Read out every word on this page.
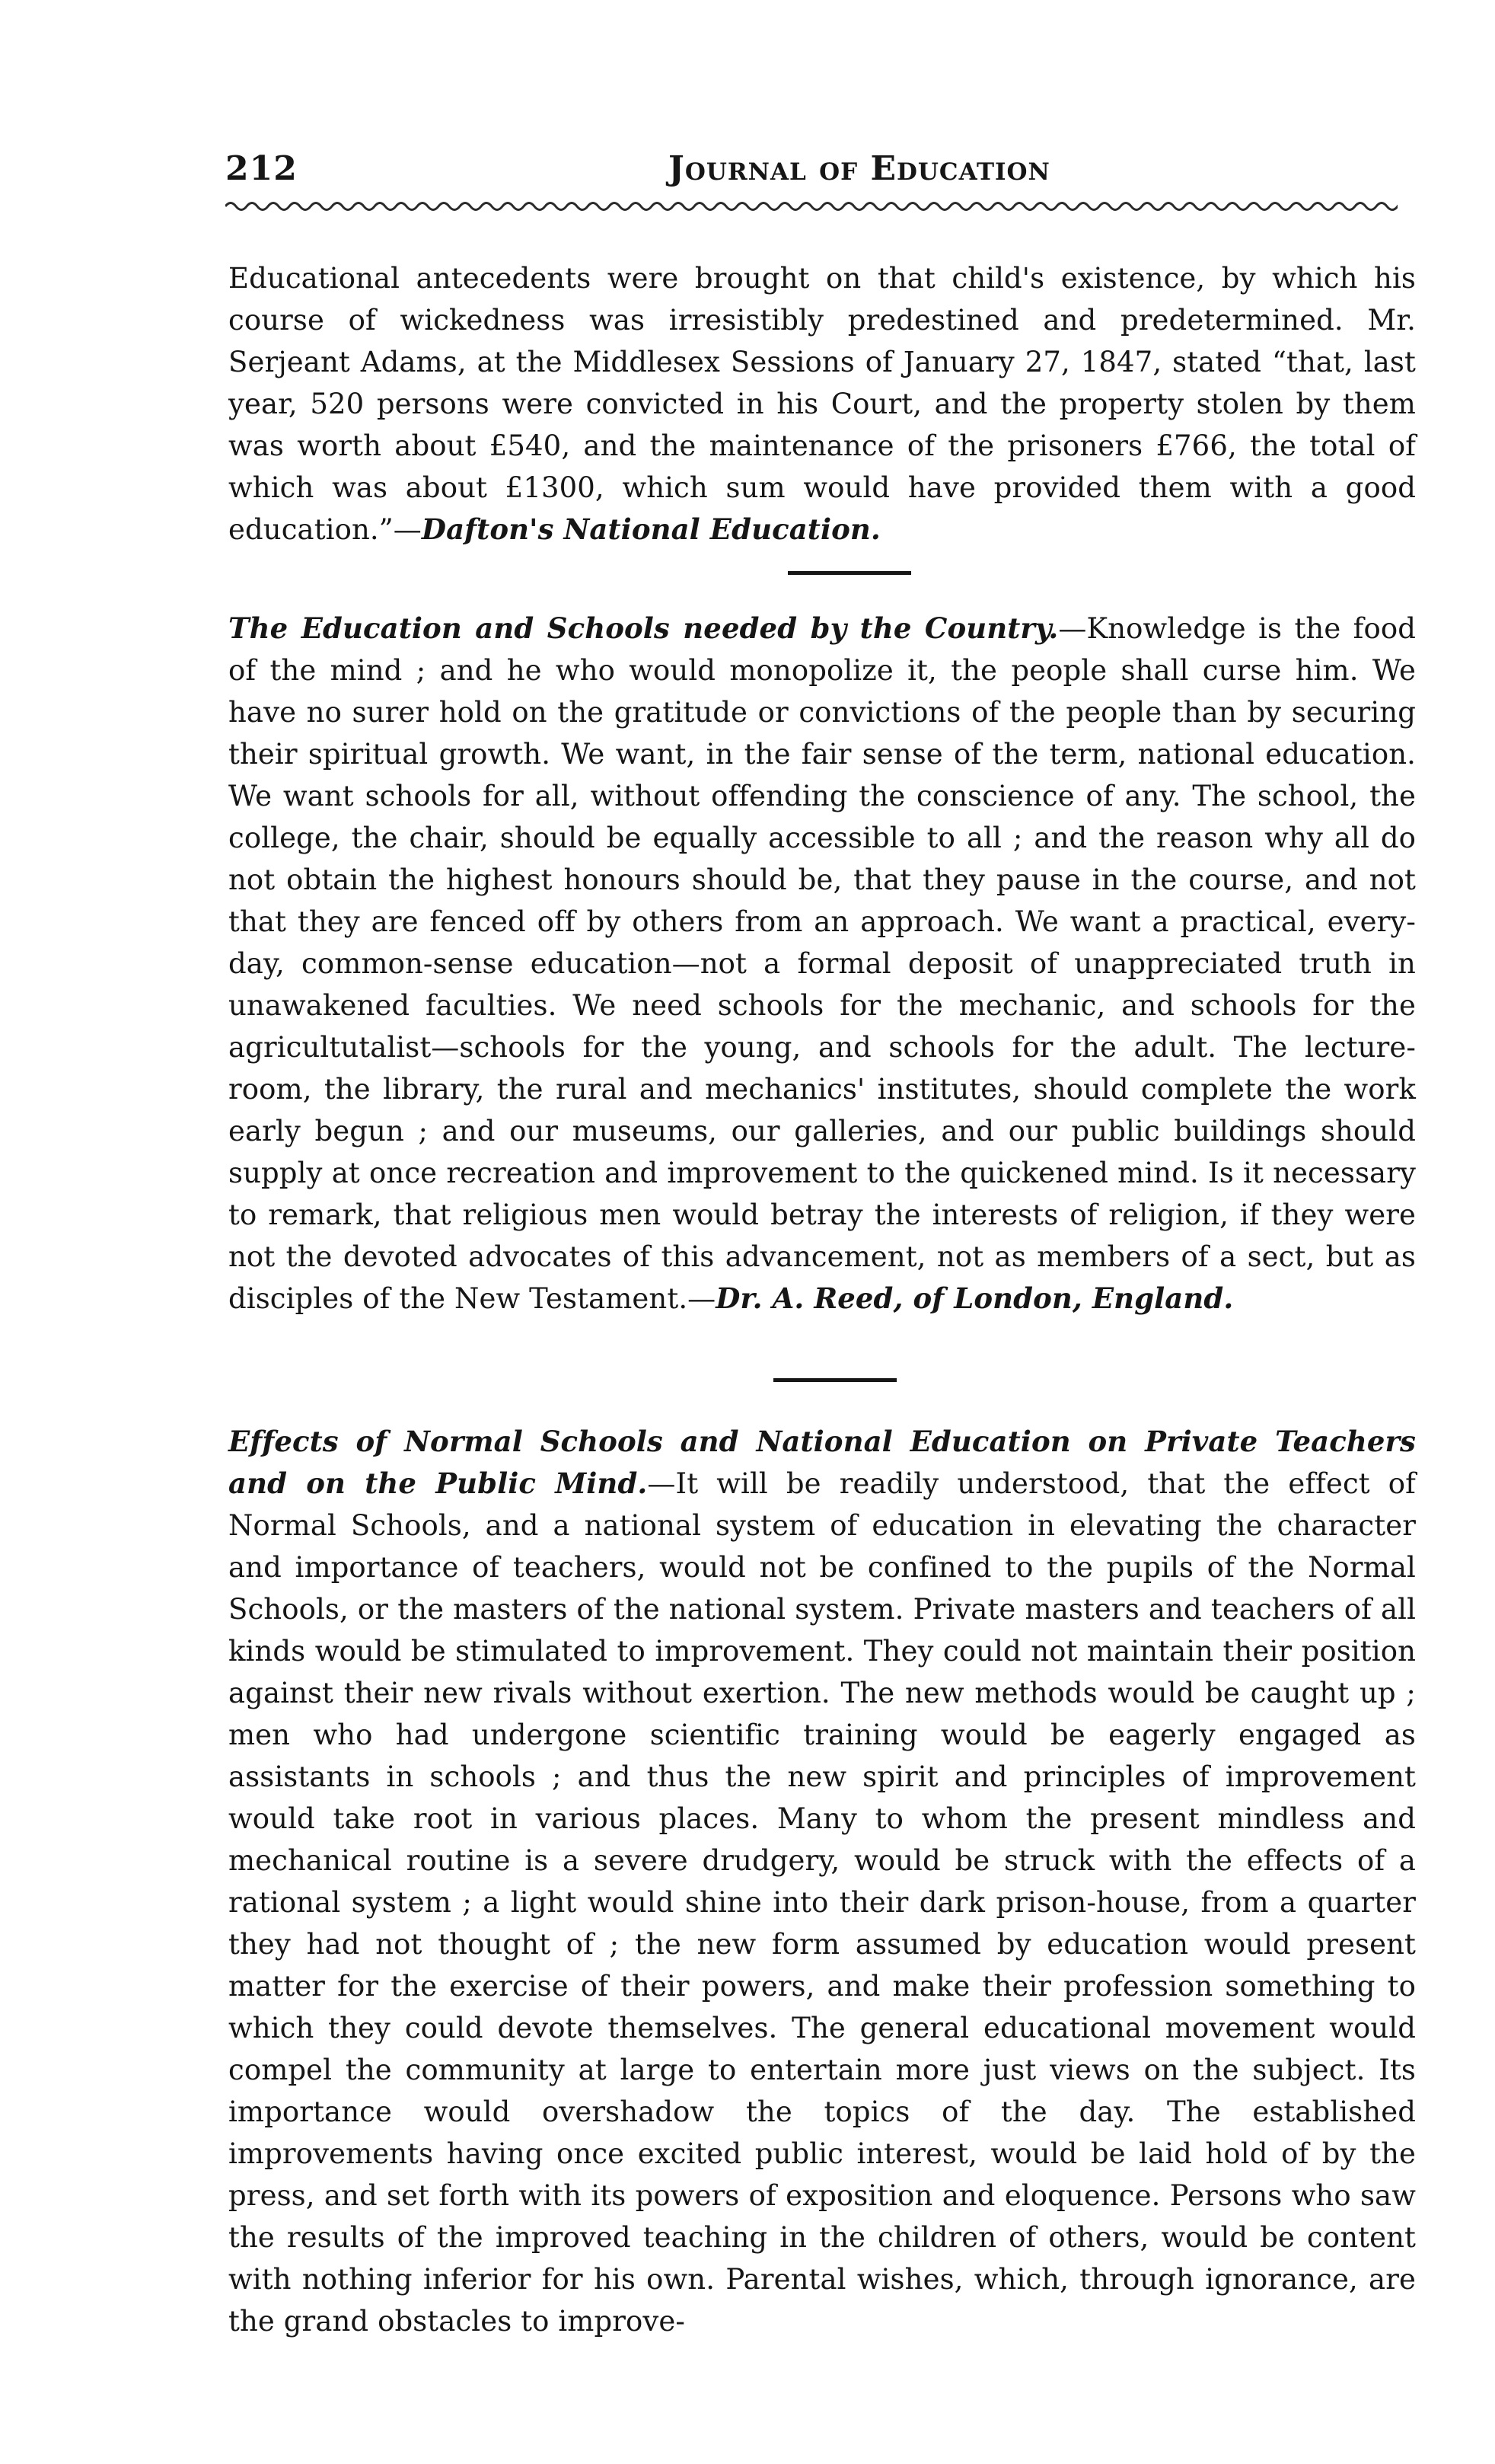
212	Journal of Education

Educational antecedents were brought on that child's existence, by which his course of wickedness was irresistibly predestined and predetermined. Mr. Serjeant Adams, at the Middlesex Sessions of January 27, 1847, stated “that, last year, 520 persons were convicted in his Court, and the property stolen by them was worth about £540, and the maintenance of the prisoners £766, the total of which was about £1300, which sum would have provided them with a good education.”—Dafton's National Education.

The Education and Schools needed by the Country.—Knowledge is the food of the mind ; and he who would monopolize it, the people shall curse him. We have no surer hold on the gratitude or convictions of the people than by securing their spiritual growth. We want, in the fair sense of the term, national education. We want schools for all, without offending the conscience of any. The school, the college, the chair, should be equally accessible to all ; and the reason why all do not obtain the highest honours should be, that they pause in the course, and not that they are fenced off by others from an approach. We want a practical, every-day, common-sense education—not a formal deposit of unappreciated truth in unawakened faculties. We need schools for the mechanic, and schools for the agricultutalist—schools for the young, and schools for the adult. The lecture-room, the library, the rural and mechanics' institutes, should complete the work early begun ; and our museums, our galleries, and our public buildings should supply at once recreation and improvement to the quickened mind. Is it necessary to remark, that religious men would betray the interests of religion, if they were not the devoted advocates of this advancement, not as members of a sect, but as disciples of the New Testament.—Dr. A. Reed, of London, England.

Effects of Normal Schools and National Education on Private Teachers and on the Public Mind.—It will be readily understood, that the effect of Normal Schools, and a national system of education in elevating the character and importance of teachers, would not be confined to the pupils of the Normal Schools, or the masters of the national system. Private masters and teachers of all kinds would be stimulated to improvement. They could not maintain their position against their new rivals without exertion. The new methods would be caught up ; men who had undergone scientific training would be eagerly engaged as assistants in schools ; and thus the new spirit and principles of improvement would take root in various places. Many to whom the present mindless and mechanical routine is a severe drudgery, would be struck with the effects of a rational system ; a light would shine into their dark prison-house, from a quarter they had not thought of ; the new form assumed by education would present matter for the exercise of their powers, and make their profession something to which they could devote themselves. The general educational movement would compel the community at large to entertain more just views on the subject. Its importance would overshadow the topics of the day. The established improvements having once excited public interest, would be laid hold of by the press, and set forth with its powers of exposition and eloquence. Persons who saw the results of the improved teaching in the children of others, would be content with nothing inferior for his own. Parental wishes, which, through ignorance, are the grand obstacles to improve-
